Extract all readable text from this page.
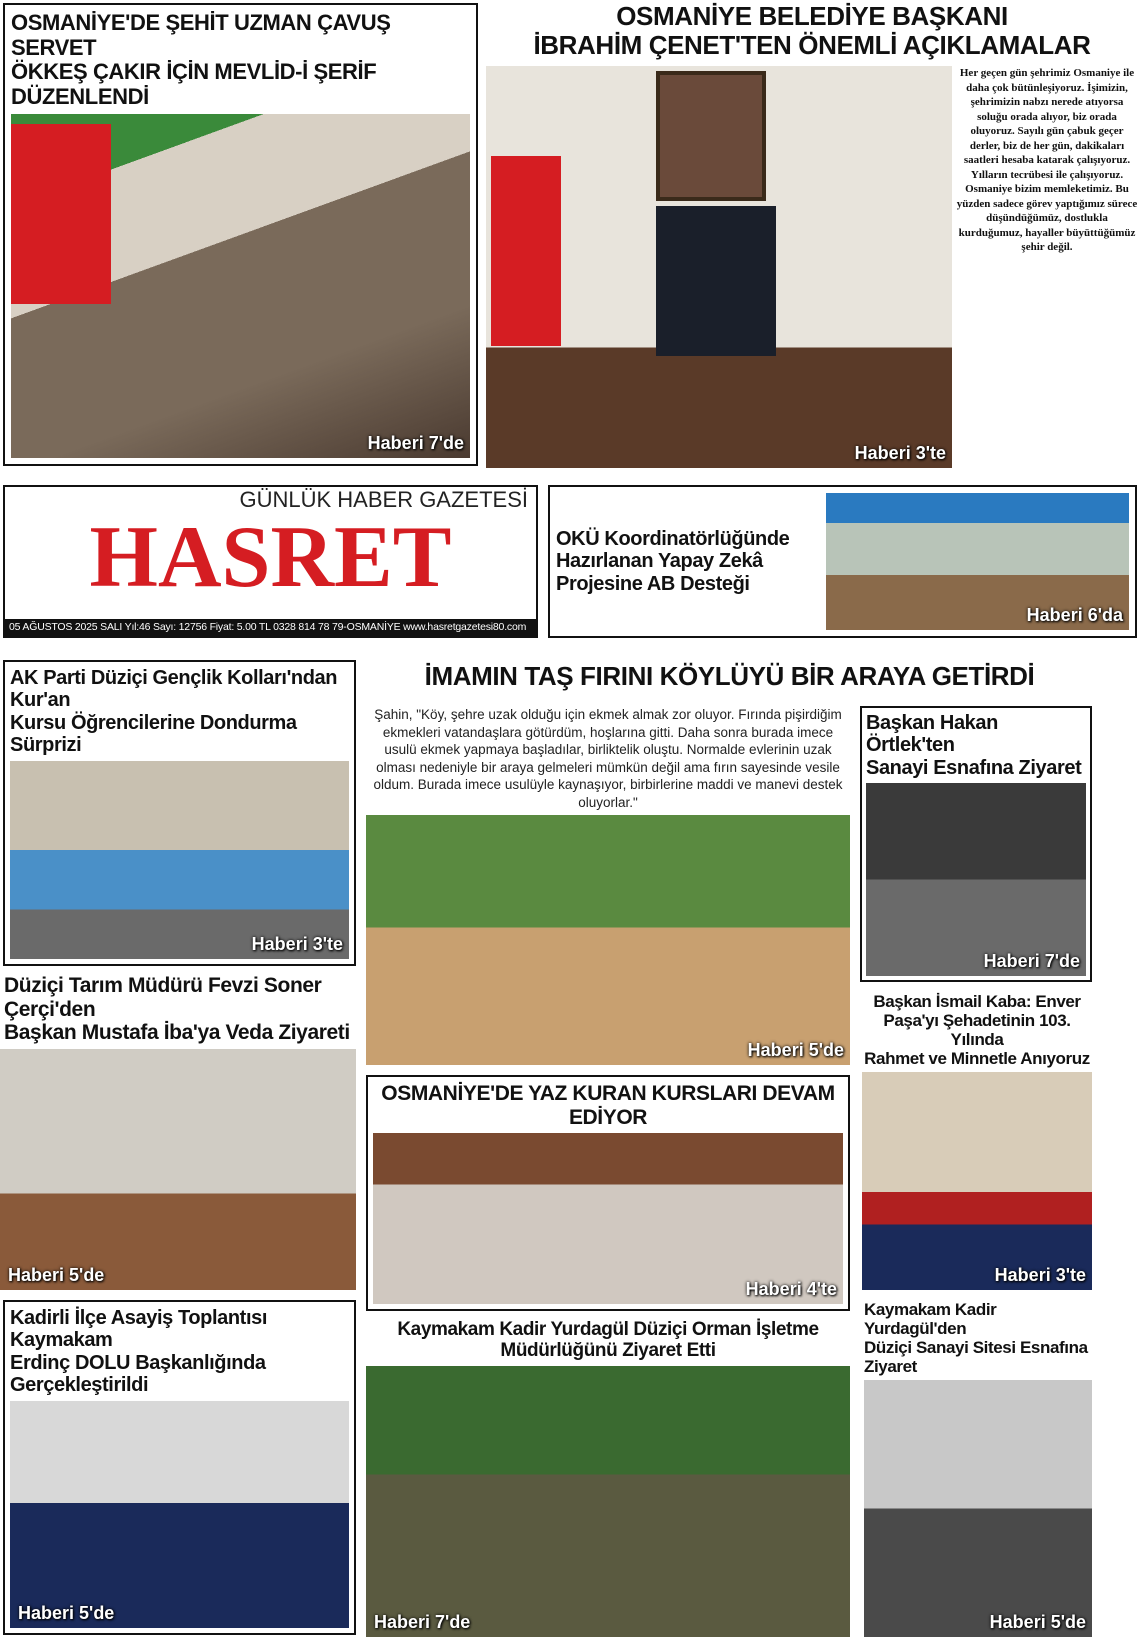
OSMANİYE'DE ŞEHİT UZMAN ÇAVUŞ SERVET
ÖKKEŞ ÇAKIR İÇİN MEVLİD-İ ŞERİF DÜZENLENDİ
Haberi 7'de
OSMANİYE BELEDİYE BAŞKANI
İBRAHİM ÇENET'TEN ÖNEMLİ AÇIKLAMALAR
Haberi 3'te
Her geçen gün şehrimiz Osmaniye ile daha çok bütünleşiyoruz. İşimizin, şehrimizin nabzı nerede atıyorsa soluğu orada alıyor, biz orada oluyoruz. Sayılı gün çabuk geçer derler, biz de her gün, dakikaları saatleri hesaba katarak çalışıyoruz. Yılların tecrübesi ile çalışıyoruz. Osmaniye bizim memleketimiz. Bu yüzden sadece görev yaptığımız sürece düşündüğümüz, dostlukla kurduğumuz, hayaller büyüttüğümüz şehir değil.
GÜNLÜK HABER GAZETESİ
HASRET
05 AĞUSTOS 2025 SALI Yıl:46 Sayı: 12756 Fiyat: 5.00 TL 0328 814 78 79-OSMANİYE www.hasretgazetesi80.com
OKÜ Koordinatörlüğünde
Hazırlanan Yapay Zekâ
Projesine AB Desteği
Haberi 6'da
AK Parti Düziçi Gençlik Kolları'ndan Kur'an
Kursu Öğrencilerine Dondurma Sürprizi
Haberi 3'te
Düziçi Tarım Müdürü Fevzi Soner Çerçi'den
Başkan Mustafa İba'ya Veda Ziyareti
Haberi 5'de
Kadirli İlçe Asayiş Toplantısı Kaymakam
Erdinç DOLU Başkanlığında Gerçekleştirildi
Haberi 5'de
İMAMIN TAŞ FIRINI KÖYLÜYÜ BİR ARAYA GETİRDİ
Şahin, "Köy, şehre uzak olduğu için ekmek almak zor oluyor. Fırında pişirdiğim ekmekleri vatandaşlara götürdüm, hoşlarına gitti. Daha sonra burada imece usulü ekmek yapmaya başladılar, birliktelik oluştu. Normalde evlerinin uzak olması nedeniyle bir araya gelmeleri mümkün değil ama fırın sayesinde vesile oldum. Burada imece usulüyle kaynaşıyor, birbirlerine maddi ve manevi destek oluyorlar."
Haberi 5'de
OSMANİYE'DE YAZ KURAN KURSLARI DEVAM EDİYOR
Haberi 4'te
Kaymakam Kadir Yurdagül Düziçi Orman İşletme Müdürlüğünü Ziyaret Etti
Haberi 7'de
Başkan Hakan Örtlek'ten
Sanayi Esnafına Ziyaret
Haberi 7'de
Başkan İsmail Kaba: Enver
Paşa'yı Şehadetinin 103. Yılında
Rahmet ve Minnetle Anıyoruz
Haberi 3'te
Kaymakam Kadir Yurdagül'den
Düziçi Sanayi Sitesi Esnafına Ziyaret
Haberi 5'de
